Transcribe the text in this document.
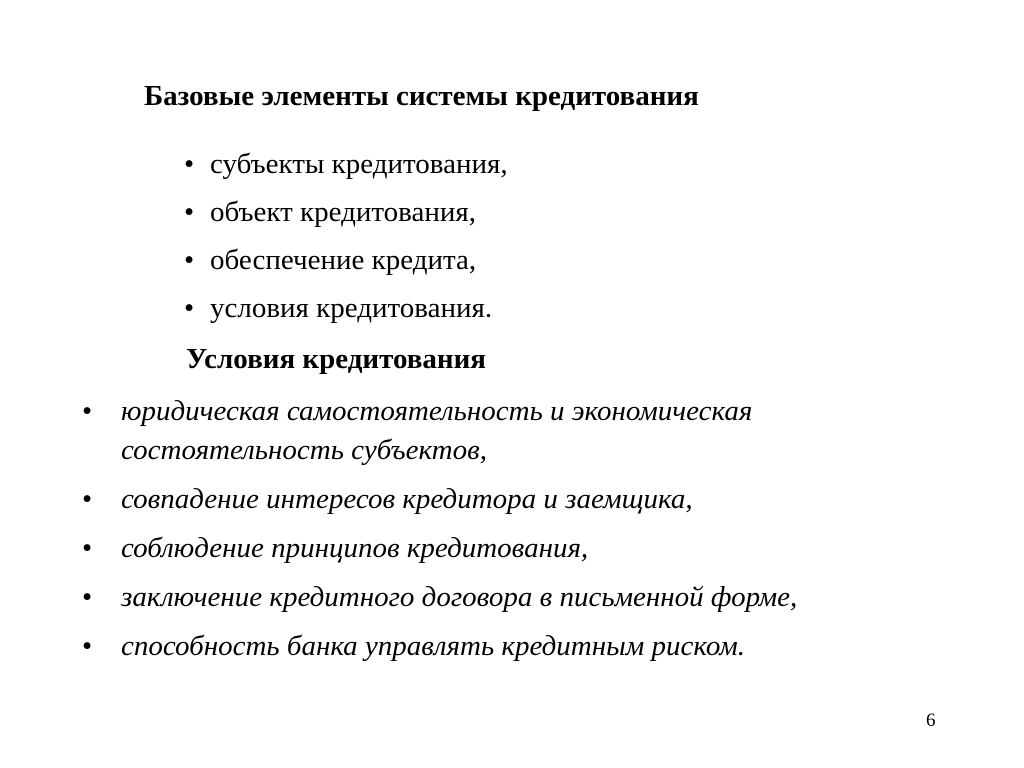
Базовые элементы системы кредитования
• субъекты кредитования,
• объект кредитования,
• обеспечение кредита,
• условия кредитования.
Условия кредитования
• юридическая самостоятельность и экономическая состоятельность субъектов,
• совпадение интересов кредитора и заемщика,
• соблюдение принципов кредитования,
• заключение кредитного договора в письменной форме,
• способность банка управлять кредитным риском.
6
